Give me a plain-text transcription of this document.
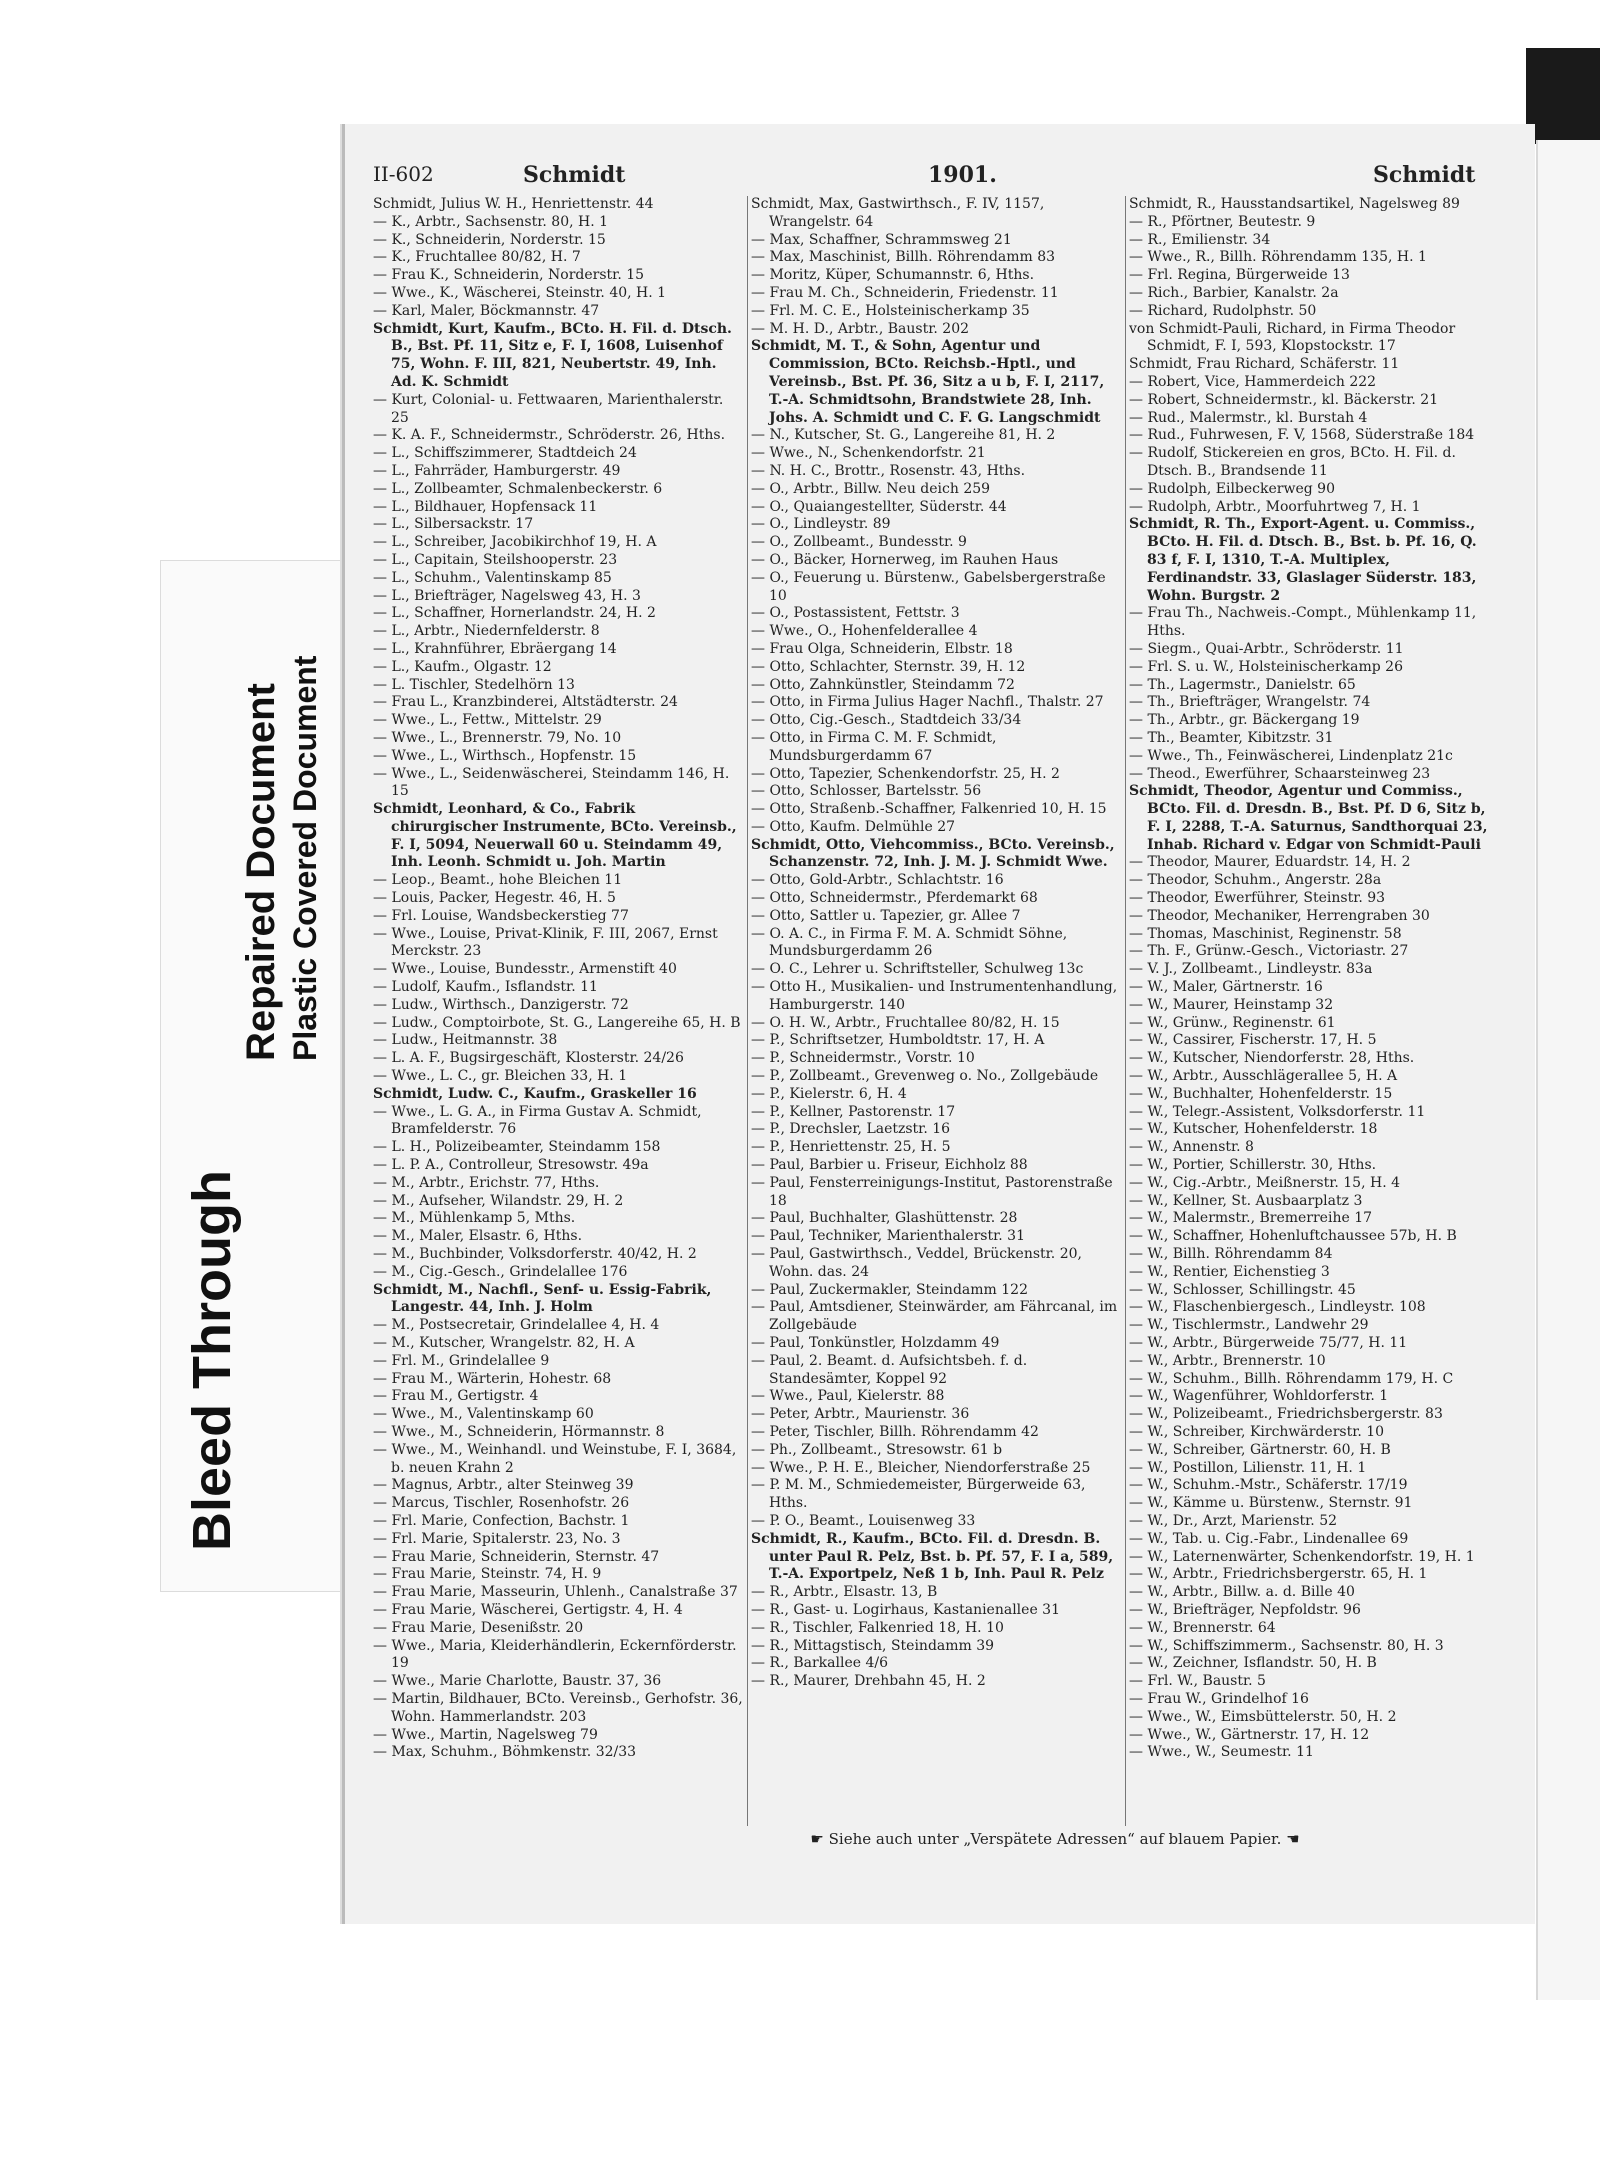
Bleed Through
Repaired Document Plastic Covered Document
II-602	Schmidt	1901.	Schmidt

Schmidt, Julius W. H., Henriettenstr. 44

— K., Arbtr., Sachsenstr. 80, H. 1

— K., Schneiderin, Norderstr. 15

— K., Fruchtallee 80/82, H. 7

— Frau K., Schneiderin, Norderstr. 15

— Wwe., K., Wäscherei, Steinstr. 40, H. 1

— Karl, Maler, Böckmannstr. 47

Schmidt, Kurt, Kaufm., BCto. H. Fil. d. Dtsch. B., Bst. Pf. 11, Sitz e, F. I, 1608, Luisenhof 75, Wohn. F. III, 821, Neubertstr. 49, Inh. Ad. K. Schmidt

— Kurt, Colonial- u. Fettwaaren, Marienthalerstr. 25

— K. A. F., Schneidermstr., Schröderstr. 26, Hths.

— L., Schiffszimmerer, Stadtdeich 24

— L., Fahrräder, Hamburgerstr. 49

— L., Zollbeamter, Schmalenbeckerstr. 6

— L., Bildhauer, Hopfensack 11

— L., Silbersackstr. 17

— L., Schreiber, Jacobikirchhof 19, H. A

— L., Capitain, Steilshooperstr. 23

— L., Schuhm., Valentinskamp 85

— L., Briefträger, Nagelsweg 43, H. 3

— L., Schaffner, Hornerlandstr. 24, H. 2

— L., Arbtr., Niedernfelderstr. 8

— L., Krahnführer, Ebräergang 14

— L., Kaufm., Olgastr. 12

— L. Tischler, Stedelhörn 13

— Frau L., Kranzbinderei, Altstädterstr. 24

— Wwe., L., Fettw., Mittelstr. 29

— Wwe., L., Brennerstr. 79, No. 10

— Wwe., L., Wirthsch., Hopfenstr. 15

— Wwe., L., Seidenwäscherei, Steindamm 146, H. 15

Schmidt, Leonhard, & Co., Fabrik chirurgischer Instrumente, BCto. Vereinsb., F. I, 5094, Neuerwall 60 u. Steindamm 49, Inh. Leonh. Schmidt u. Joh. Martin

— Leop., Beamt., hohe Bleichen 11

— Louis, Packer, Hegestr. 46, H. 5

— Frl. Louise, Wandsbeckerstieg 77

— Wwe., Louise, Privat-Klinik, F. III, 2067, Ernst Merckstr. 23

— Wwe., Louise, Bundesstr., Armenstift 40

— Ludolf, Kaufm., Isflandstr. 11

— Ludw., Wirthsch., Danzigerstr. 72

— Ludw., Comptoirbote, St. G., Langereihe 65, H. B

— Ludw., Heitmannstr. 38

— L. A. F., Bugsirgeschäft, Klosterstr. 24/26

— Wwe., L. C., gr. Bleichen 33, H. 1

Schmidt, Ludw. C., Kaufm., Graskeller 16

— Wwe., L. G. A., in Firma Gustav A. Schmidt, Bramfelderstr. 76

— L. H., Polizeibeamter, Steindamm 158

— L. P. A., Controlleur, Stresowstr. 49a

— M., Arbtr., Erichstr. 77, Hths.

— M., Aufseher, Wilandstr. 29, H. 2

— M., Mühlenkamp 5, Mths.

— M., Maler, Elsastr. 6, Hths.

— M., Buchbinder, Volksdorferstr. 40/42, H. 2

— M., Cig.-Gesch., Grindelallee 176

Schmidt, M., Nachfl., Senf- u. Essig-Fabrik, Langestr. 44, Inh. J. Holm

— M., Postsecretair, Grindelallee 4, H. 4

— M., Kutscher, Wrangelstr. 82, H. A

— Frl. M., Grindelallee 9

— Frau M., Wärterin, Hohestr. 68

— Frau M., Gertigstr. 4

— Wwe., M., Valentinskamp 60

— Wwe., M., Schneiderin, Hörmannstr. 8

— Wwe., M., Weinhandl. und Weinstube, F. I, 3684, b. neuen Krahn 2

— Magnus, Arbtr., alter Steinweg 39

— Marcus, Tischler, Rosenhofstr. 26

— Frl. Marie, Confection, Bachstr. 1

— Frl. Marie, Spitalerstr. 23, No. 3

— Frau Marie, Schneiderin, Sternstr. 47

— Frau Marie, Steinstr. 74, H. 9

— Frau Marie, Masseurin, Uhlenh., Canalstraße 37

— Frau Marie, Wäscherei, Gertigstr. 4, H. 4

— Frau Marie, Desenißstr. 20

— Wwe., Maria, Kleiderhändlerin, Eckernförderstr. 19

— Wwe., Marie Charlotte, Baustr. 37, 36

— Martin, Bildhauer, BCto. Vereinsb., Gerhofstr. 36, Wohn. Hammerlandstr. 203

— Wwe., Martin, Nagelsweg 79

— Max, Schuhm., Böhmkenstr. 32/33

Schmidt, Max, Gastwirthsch., F. IV, 1157, Wrangelstr. 64

— Max, Schaffner, Schrammsweg 21

— Max, Maschinist, Billh. Röhrendamm 83

— Moritz, Küper, Schumannstr. 6, Hths.

— Frau M. Ch., Schneiderin, Friedenstr. 11

— Frl. M. C. E., Holsteinischerkamp 35

— M. H. D., Arbtr., Baustr. 202

Schmidt, M. T., & Sohn, Agentur und Commission, BCto. Reichsb.-Hptl., und Vereinsb., Bst. Pf. 36, Sitz a u b, F. I, 2117, T.-A. Schmidtsohn, Brandstwiete 28, Inh. Johs. A. Schmidt und C. F. G. Langschmidt

— N., Kutscher, St. G., Langereihe 81, H. 2

— Wwe., N., Schenkendorfstr. 21

— N. H. C., Brottr., Rosenstr. 43, Hths.

— O., Arbtr., Billw. Neu deich 259

— O., Quaiangestellter, Süderstr. 44

— O., Lindleystr. 89

— O., Zollbeamt., Bundesstr. 9

— O., Bäcker, Hornerweg, im Rauhen Haus

— O., Feuerung u. Bürstenw., Gabelsbergerstraße 10

— O., Postassistent, Fettstr. 3

— Wwe., O., Hohenfelderallee 4

— Frau Olga, Schneiderin, Elbstr. 18

— Otto, Schlachter, Sternstr. 39, H. 12

— Otto, Zahnkünstler, Steindamm 72

— Otto, in Firma Julius Hager Nachfl., Thalstr. 27

— Otto, Cig.-Gesch., Stadtdeich 33/34

— Otto, in Firma C. M. F. Schmidt, Mundsburgerdamm 67

— Otto, Tapezier, Schenkendorfstr. 25, H. 2

— Otto, Schlosser, Bartelsstr. 56

— Otto, Straßenb.-Schaffner, Falkenried 10, H. 15

— Otto, Kaufm. Delmühle 27

Schmidt, Otto, Viehcommiss., BCto. Vereinsb., Schanzenstr. 72, Inh. J. M. J. Schmidt Wwe.

— Otto, Gold-Arbtr., Schlachtstr. 16

— Otto, Schneidermstr., Pferdemarkt 68

— Otto, Sattler u. Tapezier, gr. Allee 7

— O. A. C., in Firma F. M. A. Schmidt Söhne, Mundsburgerdamm 26

— O. C., Lehrer u. Schriftsteller, Schulweg 13c

— Otto H., Musikalien- und Instrumentenhandlung, Hamburgerstr. 140

— O. H. W., Arbtr., Fruchtallee 80/82, H. 15

— P., Schriftsetzer, Humboldtstr. 17, H. A

— P., Schneidermstr., Vorstr. 10

— P., Zollbeamt., Grevenweg o. No., Zollgebäude

— P., Kielerstr. 6, H. 4

— P., Kellner, Pastorenstr. 17

— P., Drechsler, Laetzstr. 16

— P., Henriettenstr. 25, H. 5

— Paul, Barbier u. Friseur, Eichholz 88

— Paul, Fensterreinigungs-Institut, Pastorenstraße 18

— Paul, Buchhalter, Glashüttenstr. 28

— Paul, Techniker, Marienthalerstr. 31

— Paul, Gastwirthsch., Veddel, Brückenstr. 20, Wohn. das. 24

— Paul, Zuckermakler, Steindamm 122

— Paul, Amtsdiener, Steinwärder, am Fährcanal, im Zollgebäude

— Paul, Tonkünstler, Holzdamm 49

— Paul, 2. Beamt. d. Aufsichtsbeh. f. d. Standesämter, Koppel 92

— Wwe., Paul, Kielerstr. 88

— Peter, Arbtr., Maurienstr. 36

— Peter, Tischler, Billh. Röhrendamm 42

— Ph., Zollbeamt., Stresowstr. 61 b

— Wwe., P. H. E., Bleicher, Niendorferstraße 25

— P. M. M., Schmiedemeister, Bürgerweide 63, Hths.

— P. O., Beamt., Louisenweg 33

Schmidt, R., Kaufm., BCto. Fil. d. Dresdn. B. unter Paul R. Pelz, Bst. b. Pf. 57, F. I a, 589, T.-A. Exportpelz, Neß 1 b, Inh. Paul R. Pelz

— R., Arbtr., Elsastr. 13, B

— R., Gast- u. Logirhaus, Kastanienallee 31

— R., Tischler, Falkenried 18, H. 10

— R., Mittagstisch, Steindamm 39

— R., Barkallee 4/6

— R., Maurer, Drehbahn 45, H. 2

Schmidt, R., Hausstandsartikel, Nagelsweg 89

— R., Pförtner, Beutestr. 9

— R., Emilienstr. 34

— Wwe., R., Billh. Röhrendamm 135, H. 1

— Frl. Regina, Bürgerweide 13

— Rich., Barbier, Kanalstr. 2a

— Richard, Rudolphstr. 50

von Schmidt-Pauli, Richard, in Firma Theodor Schmidt, F. I, 593, Klopstockstr. 17

Schmidt, Frau Richard, Schäferstr. 11

— Robert, Vice, Hammerdeich 222

— Robert, Schneidermstr., kl. Bäckerstr. 21

— Rud., Malermstr., kl. Burstah 4

— Rud., Fuhrwesen, F. V, 1568, Süderstraße 184

— Rudolf, Stickereien en gros, BCto. H. Fil. d. Dtsch. B., Brandsende 11

— Rudolph, Eilbeckerweg 90

— Rudolph, Arbtr., Moorfuhrtweg 7, H. 1

Schmidt, R. Th., Export-Agent. u. Commiss., BCto. H. Fil. d. Dtsch. B., Bst. b. Pf. 16, Q. 83 f, F. I, 1310, T.-A. Multiplex, Ferdinandstr. 33, Glaslager Süderstr. 183, Wohn. Burgstr. 2

— Frau Th., Nachweis.-Compt., Mühlenkamp 11, Hths.

— Siegm., Quai-Arbtr., Schröderstr. 11

— Frl. S. u. W., Holsteinischerkamp 26

— Th., Lagermstr., Danielstr. 65

— Th., Briefträger, Wrangelstr. 74

— Th., Arbtr., gr. Bäckergang 19

— Th., Beamter, Kibitzstr. 31

— Wwe., Th., Feinwäscherei, Lindenplatz 21c

— Theod., Ewerführer, Schaarsteinweg 23

Schmidt, Theodor, Agentur und Commiss., BCto. Fil. d. Dresdn. B., Bst. Pf. D 6, Sitz b, F. I, 2288, T.-A. Saturnus, Sandthorquai 23, Inhab. Richard v. Edgar von Schmidt-Pauli

— Theodor, Maurer, Eduardstr. 14, H. 2

— Theodor, Schuhm., Angerstr. 28a

— Theodor, Ewerführer, Steinstr. 93

— Theodor, Mechaniker, Herrengraben 30

— Thomas, Maschinist, Reginenstr. 58

— Th. F., Grünw.-Gesch., Victoriastr. 27

— V. J., Zollbeamt., Lindleystr. 83a

— W., Maler, Gärtnerstr. 16

— W., Maurer, Heinstamp 32

— W., Grünw., Reginenstr. 61

— W., Cassirer, Fischerstr. 17, H. 5

— W., Kutscher, Niendorferstr. 28, Hths.

— W., Arbtr., Ausschlägerallee 5, H. A

— W., Buchhalter, Hohenfelderstr. 15

— W., Telegr.-Assistent, Volksdorferstr. 11

— W., Kutscher, Hohenfelderstr. 18

— W., Annenstr. 8

— W., Portier, Schillerstr. 30, Hths.

— W., Cig.-Arbtr., Meißnerstr. 15, H. 4

— W., Kellner, St. Ausbaarplatz 3

— W., Malermstr., Bremerreihe 17

— W., Schaffner, Hohenluftchaussee 57b, H. B

— W., Billh. Röhrendamm 84

— W., Rentier, Eichenstieg 3

— W., Schlosser, Schillingstr. 45

— W., Flaschenbiergesch., Lindleystr. 108

— W., Tischlermstr., Landwehr 29

— W., Arbtr., Bürgerweide 75/77, H. 11

— W., Arbtr., Brennerstr. 10

— W., Schuhm., Billh. Röhrendamm 179, H. C

— W., Wagenführer, Wohldorferstr. 1

— W., Polizeibeamt., Friedrichsbergerstr. 83

— W., Schreiber, Kirchwärderstr. 10

— W., Schreiber, Gärtnerstr. 60, H. B

— W., Postillon, Lilienstr. 11, H. 1

— W., Schuhm.-Mstr., Schäferstr. 17/19

— W., Kämme u. Bürstenw., Sternstr. 91

— W., Dr., Arzt, Marienstr. 52

— W., Tab. u. Cig.-Fabr., Lindenallee 69

— W., Laternenwärter, Schenkendorfstr. 19, H. 1

— W., Arbtr., Friedrichsbergerstr. 65, H. 1

— W., Arbtr., Billw. a. d. Bille 40

— W., Briefträger, Nepfoldstr. 96

— W., Brennerstr. 64

— W., Schiffszimmerm., Sachsenstr. 80, H. 3

— W., Zeichner, Isflandstr. 50, H. B

— Frl. W., Baustr. 5

— Frau W., Grindelhof 16

— Wwe., W., Eimsbüttelerstr. 50, H. 2

— Wwe., W., Gärtnerstr. 17, H. 12

— Wwe., W., Seumestr. 11

☛ Siehe auch unter „Verspätete Adressen“ auf blauem Papier. ☚
